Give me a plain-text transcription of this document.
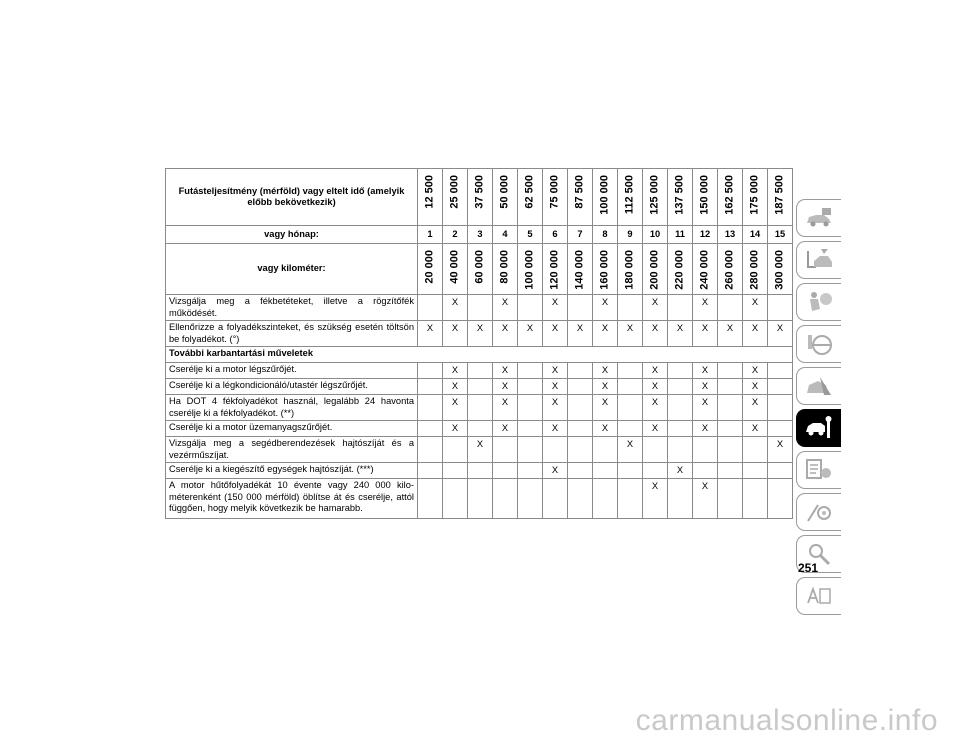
Futásteljesítmény (mérföld) vagy eltelt idő (amelyik előbb bekövetkezik)	12 500	25 000	37 500	50 000	62 500	75 000	87 500	100 000	112 500	125 000	137 500	150 000	162 500	175 000	187 500

vagy hónap:	1	2	3	4	5	6	7	8	9	10	11	12	13	14	15
vagy kilométer:	20 000	40 000	60 000	80 000	100 000	120 000	140 000	160 000	180 000	200 000	220 000	240 000	260 000	280 000	300 000

Vizsgálja meg a fékbetéteket, illetve a rögzítőfék működését.		X		X		X		X		X		X		X	
Ellenőrizze a folyadékszinteket, és szükség esetén töltsön be folyadékot. (°)	X	X	X	X	X	X	X	X	X	X	X	X	X	X	X
További karbantartási műveletek															
Cserélje ki a motor légszűrőjét.		X		X		X		X		X		X		X	
Cserélje ki a légkondicionáló/utastér légszűrőjét.		X		X		X		X		X		X		X	
Ha DOT 4 fékfolyadékot használ, legalább 24 havonta cserélje ki a fékfolyadékot. (**)		X		X		X		X		X		X		X	
Cserélje ki a motor üzemanyagszűrőjét.		X		X		X		X		X		X		X	
Vizsgálja meg a segédberendezések hajtószíját és a vezérműszíjat.			X						X						X
Cserélje ki a kiegészítő egységek hajtószíját. (***)						X					X				
A motor hűtőfolyadékát 10 évente vagy 240 000 kilo-méterenként (150 000 mérföld) öblítse át és cserélje, attól függően, hogy melyik következik be hamarabb.										X		X			
251
carmanualsonline.info
